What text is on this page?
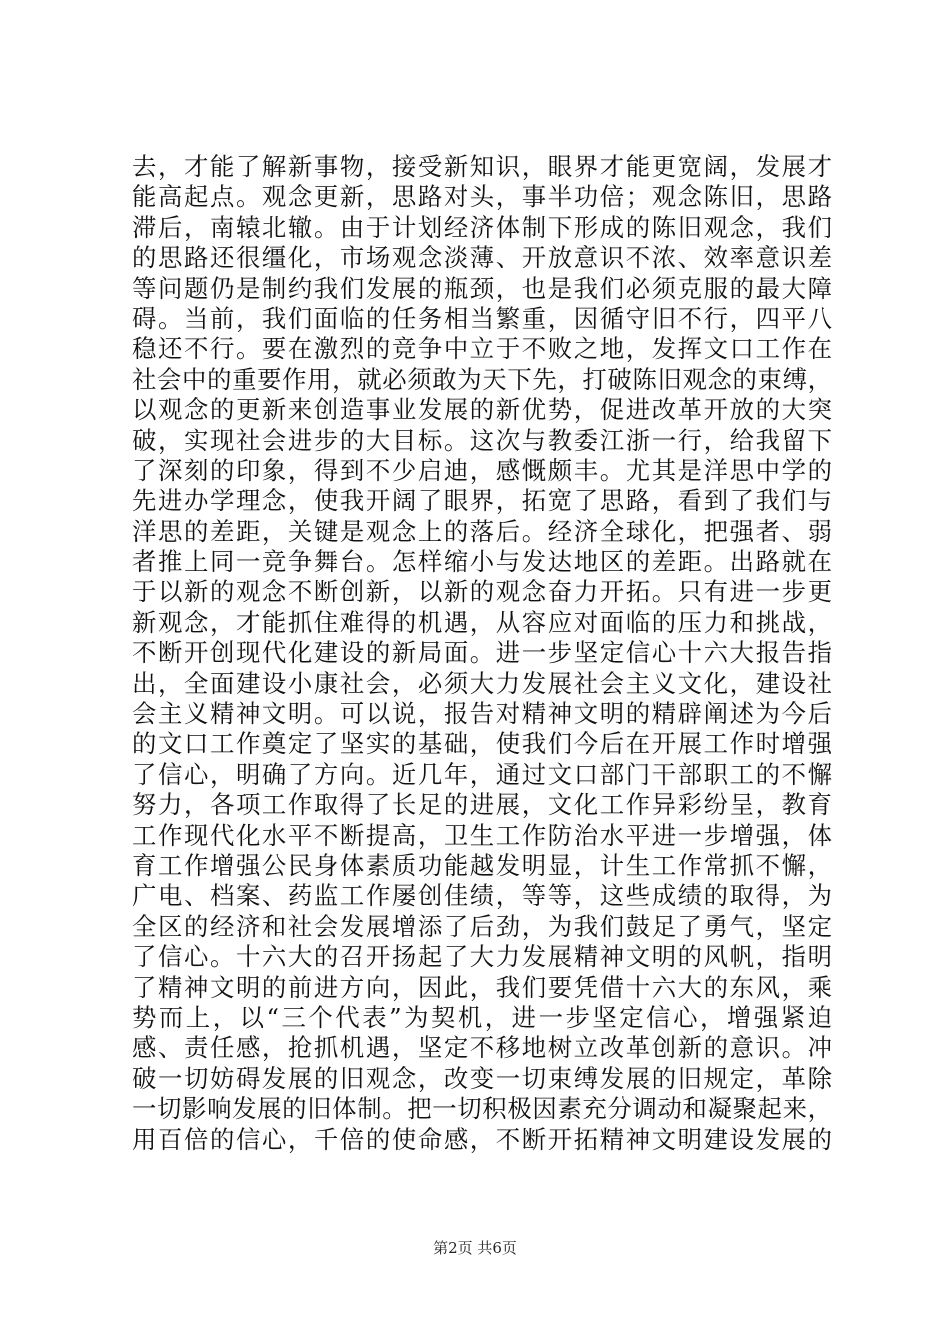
去，才能了解新事物，接受新知识，眼界才能更宽阔，发展才
能高起点。观念更新，思路对头，事半功倍；观念陈旧，思路
滞后，南辕北辙。由于计划经济体制下形成的陈旧观念，我们
的思路还很缰化，市场观念淡薄、开放意识不浓、效率意识差
等问题仍是制约我们发展的瓶颈，也是我们必须克服的最大障
碍。当前，我们面临的任务相当繁重，因循守旧不行，四平八
稳还不行。要在激烈的竞争中立于不败之地，发挥文口工作在
社会中的重要作用，就必须敢为天下先，打破陈旧观念的束缚，
以观念的更新来创造事业发展的新优势，促进改革开放的大突
破，实现社会进步的大目标。这次与教委江浙一行，给我留下
了深刻的印象，得到不少启迪，感慨颇丰。尤其是洋思中学的
先进办学理念，使我开阔了眼界，拓宽了思路，看到了我们与
洋思的差距，关键是观念上的落后。经济全球化，把强者、弱
者推上同一竞争舞台。怎样缩小与发达地区的差距。出路就在
于以新的观念不断创新，以新的观念奋力开拓。只有进一步更
新观念，才能抓住难得的机遇，从容应对面临的压力和挑战，
不断开创现代化建设的新局面。进一步坚定信心十六大报告指
出，全面建设小康社会，必须大力发展社会主义文化，建设社
会主义精神文明。可以说，报告对精神文明的精辟阐述为今后
的文口工作奠定了坚实的基础，使我们今后在开展工作时增强
了信心，明确了方向。近几年，通过文口部门干部职工的不懈
努力，各项工作取得了长足的进展，文化工作异彩纷呈，教育
工作现代化水平不断提高，卫生工作防治水平进一步增强，体
育工作增强公民身体素质功能越发明显，计生工作常抓不懈，
广电、档案、药监工作屡创佳绩，等等，这些成绩的取得，为
全区的经济和社会发展增添了后劲，为我们鼓足了勇气，坚定
了信心。十六大的召开扬起了大力发展精神文明的风帆，指明
了精神文明的前进方向，因此，我们要凭借十六大的东风，乘
势而上，以“三个代表”为契机，进一步坚定信心，增强紧迫
感、责任感，抢抓机遇，坚定不移地树立改革创新的意识。冲
破一切妨碍发展的旧观念，改变一切束缚发展的旧规定，革除
一切影响发展的旧体制。把一切积极因素充分调动和凝聚起来，
用百倍的信心，千倍的使命感，不断开拓精神文明建设发展的
第2页 共6页
